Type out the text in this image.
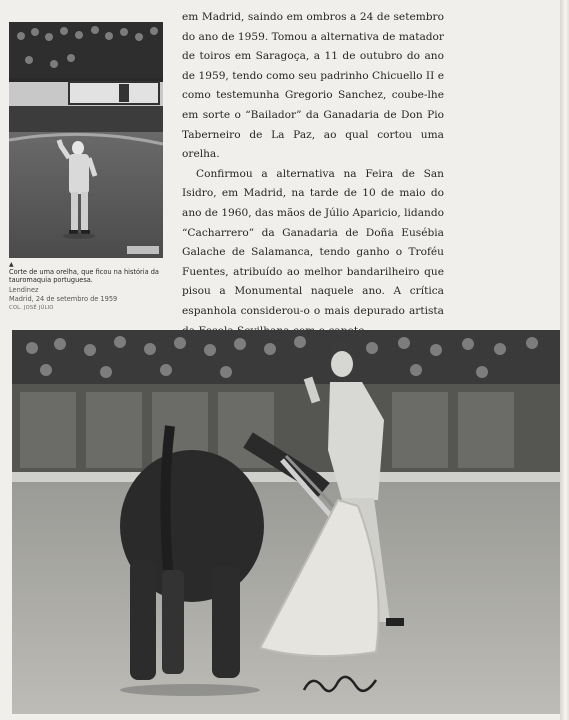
▲

Corte de uma orelha, que ficou na história da tauromaquia portuguesa.

Lendinez

Madrid, 24 de setembro de 1959

COL. JOSÉ JÚLIO

em Madrid, saindo em ombros a 24 de setembro do ano de 1959. Tomou a alternativa de matador de toiros em Saragoça, a 11 de outubro do ano de 1959, tendo como seu padrinho Chicuello II e como testemunha Gregorio Sanchez, coube-lhe em sorte o “Bailador” da Ganadaria de Don Pio Taberneiro de La Paz, ao qual cortou uma orelha.

Confirmou a alternativa na Feira de San Isidro, em Madrid, na tarde de 10 de maio do ano de 1960, das mãos de Júlio Aparicio, lidando “Cacharrero” da Ganadaria de Doña Eusébia Galache de Salamanca, tendo ganho o Troféu Fuentes, atribuído ao melhor bandarilheiro que pisou a Monumental naquele ano. A crítica espanhola considerou-o o mais depurado artista
